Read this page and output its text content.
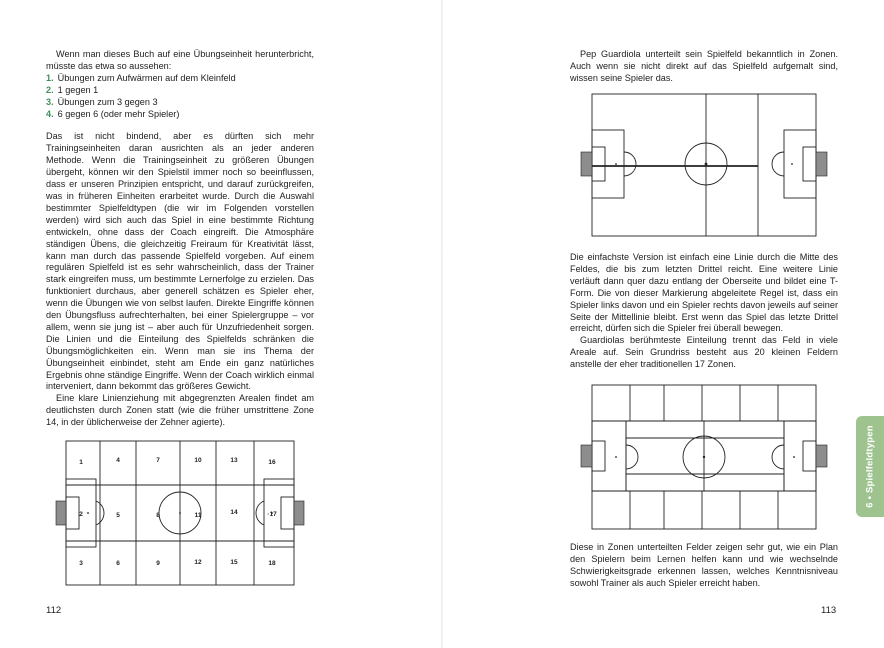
Wenn man dieses Buch auf eine Übungseinheit herunterbricht, müsste das etwa so aussehen:

1. Übungen zum Aufwärmen auf dem Kleinfeld
2. 1 gegen 1
3. Übungen zum 3 gegen 3
4. 6 gegen 6 (oder mehr Spieler)

Das ist nicht bindend, aber es dürften sich mehr Trainingseinheiten daran ausrichten als an jeder anderen Methode. Wenn die Trainingseinheit zu größeren Übungen übergeht, können wir den Spielstil immer noch so beeinflussen, dass er unseren Prinzipien entspricht, und darauf zurückgreifen, was in früheren Einheiten erarbeitet wurde. Durch die Auswahl bestimmter Spielfeldtypen (die wir im Folgenden vorstellen werden) wird sich auch das Spiel in eine bestimmte Richtung entwickeln, ohne dass der Coach eingreift. Die Atmosphäre ständigen Übens, die gleichzeitig Freiraum für Kreativität lässt, kann man durch das passende Spielfeld vorgeben. Auf einem regulären Spielfeld ist es sehr wahrscheinlich, dass der Trainer stark eingreifen muss, um bestimmte Lernerfolge zu erzielen. Das funktioniert durchaus, aber generell schätzen es Spieler eher, wenn die Übungen wie von selbst laufen. Direkte Eingriffe können den Übungsfluss aufrechterhalten, bei einer Spielergruppe – vor allem, wenn sie jung ist – aber auch für Unzufriedenheit sorgen. Die Linien und die Einteilung des Spielfelds schränken die Übungsmöglichkeiten ein. Wenn man sie ins Thema der Übungseinheit einbindet, steht am Ende ein ganz natürliches Ergebnis ohne ständige Eingriffe. Wenn der Coach wirklich einmal interveniert, dann bekommt das größeres Gewicht.

Eine klare Linienziehung mit abgegrenzten Arealen findet am deutlichsten durch Zonen statt (wie die früher umstrittene Zone 14, in der üblicherweise der Zehner agierte).

1
2
3
4
5
6
7
8
9
10
11
12
13
14
15
16
·17
18
112

Pep Guardiola unterteilt sein Spielfeld bekanntlich in Zonen. Auch wenn sie nicht direkt auf das Spielfeld aufgemalt sind, wissen seine Spieler das.

Die einfachste Version ist einfach eine Linie durch die Mitte des Feldes, die bis zum letzten Drittel reicht. Eine weitere Linie verläuft dann quer dazu entlang der Oberseite und bildet eine T-Form. Die von dieser Markierung abgeleitete Regel ist, dass ein Spieler links davon und ein Spieler rechts davon jeweils auf seiner Seite der Mittellinie bleibt. Erst wenn das Spiel das letzte Drittel erreicht, dürfen sich die Spieler frei überall bewegen.

Guardiolas berühmteste Einteilung trennt das Feld in viele Areale auf. Sein Grundriss besteht aus 20 kleinen Feldern anstelle der eher traditionellen 17 Zonen.

Diese in Zonen unterteilten Felder zeigen sehr gut, wie ein Plan den Spielern beim Lernen helfen kann und wie wechselnde Schwierigkeitsgrade erkennen lassen, welches Kenntnisniveau sowohl Trainer als auch Spieler erreicht haben.

113
6 • Spielfeldtypen
